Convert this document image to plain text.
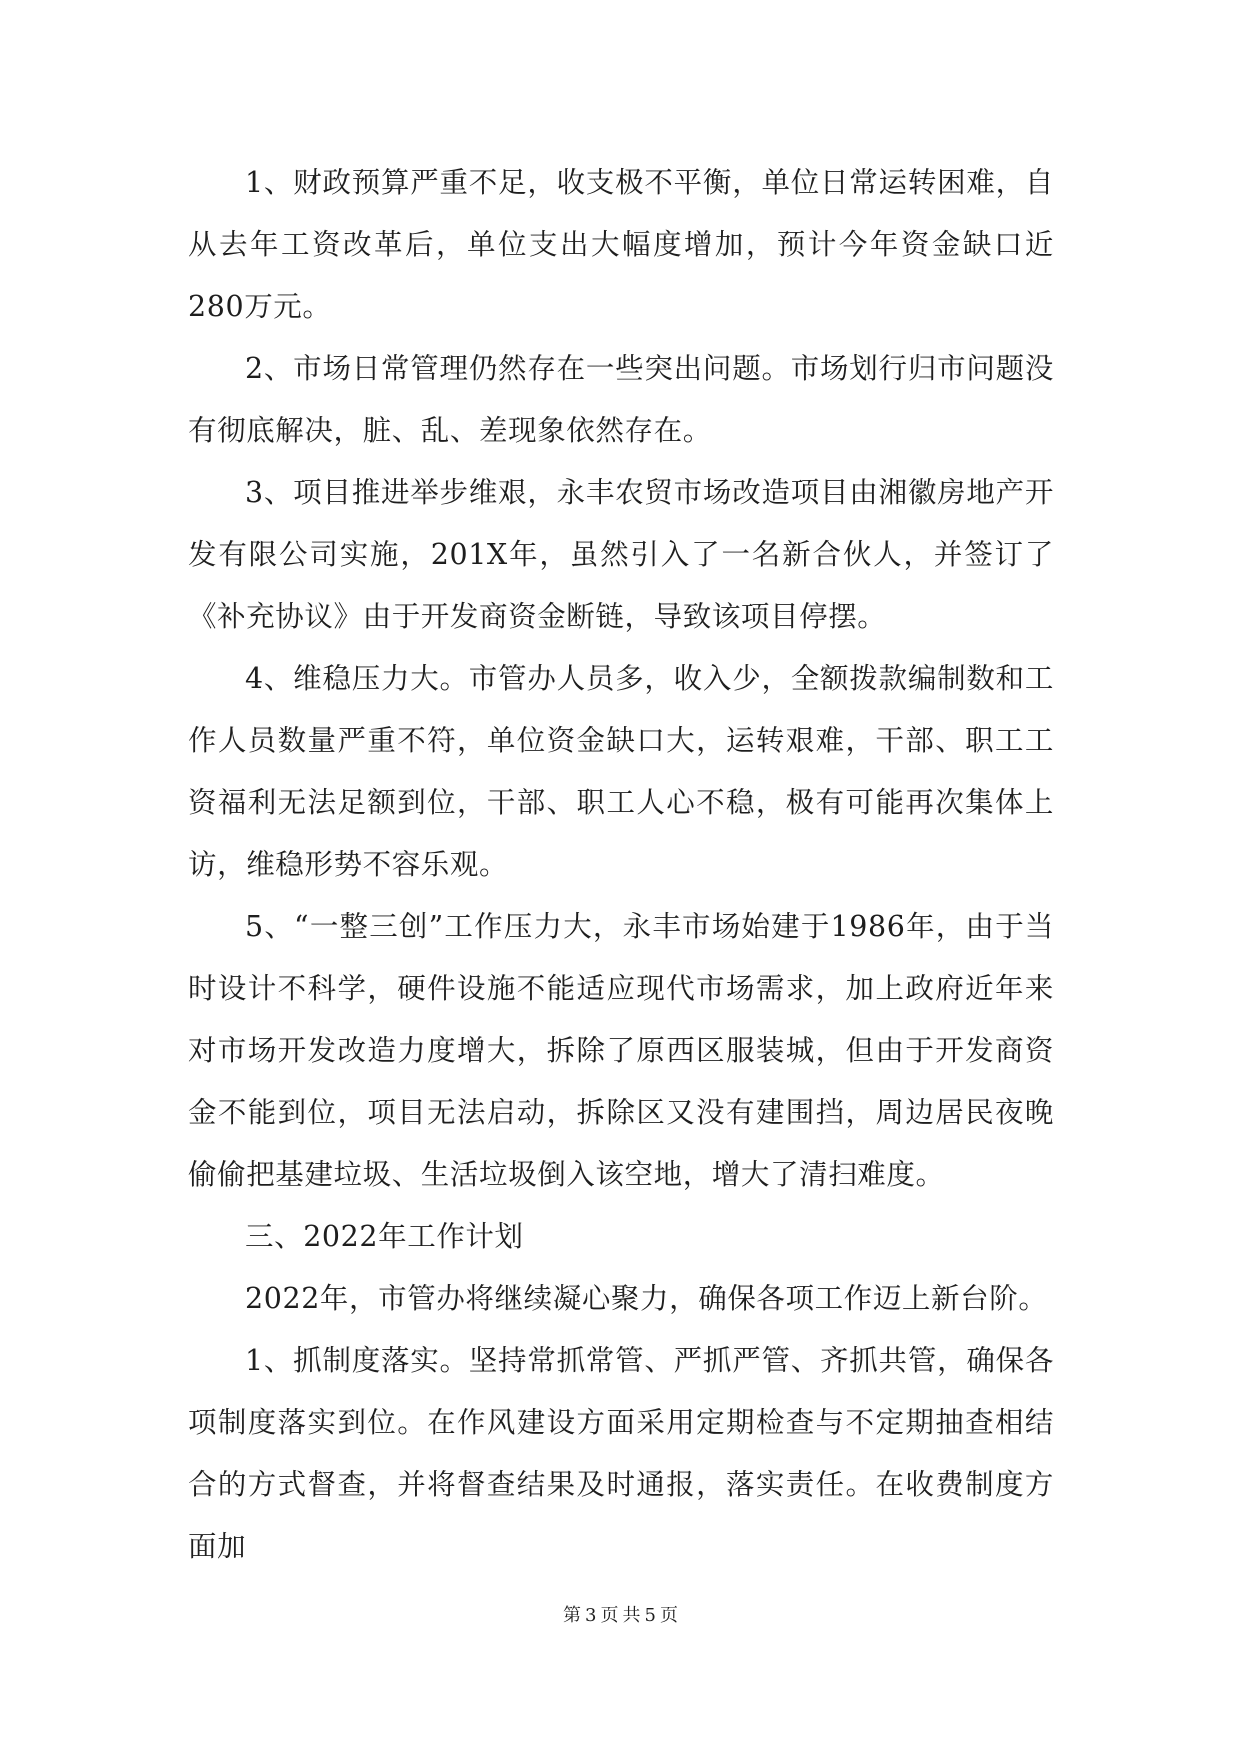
1、财政预算严重不足，收支极不平衡，单位日常运转困难，自从去年工资改革后，单位支出大幅度增加，预计今年资金缺口近280万元。

2、市场日常管理仍然存在一些突出问题。市场划行归市问题没有彻底解决，脏、乱、差现象依然存在。

3、项目推进举步维艰，永丰农贸市场改造项目由湘徽房地产开发有限公司实施，201X年，虽然引入了一名新合伙人，并签订了《补充协议》由于开发商资金断链，导致该项目停摆。

4、维稳压力大。市管办人员多，收入少，全额拨款编制数和工作人员数量严重不符，单位资金缺口大，运转艰难，干部、职工工资福利无法足额到位，干部、职工人心不稳，极有可能再次集体上访，维稳形势不容乐观。

5、“一整三创”工作压力大，永丰市场始建于1986年，由于当时设计不科学，硬件设施不能适应现代市场需求，加上政府近年来对市场开发改造力度增大，拆除了原西区服装城，但由于开发商资金不能到位，项目无法启动，拆除区又没有建围挡，周边居民夜晚偷偷把基建垃圾、生活垃圾倒入该空地，增大了清扫难度。

三、2022年工作计划

2022年，市管办将继续凝心聚力，确保各项工作迈上新台阶。

1、抓制度落实。坚持常抓常管、严抓严管、齐抓共管，确保各项制度落实到位。在作风建设方面采用定期检查与不定期抽查相结合的方式督查，并将督查结果及时通报，落实责任。在收费制度方面加

第 3 页 共 5 页
